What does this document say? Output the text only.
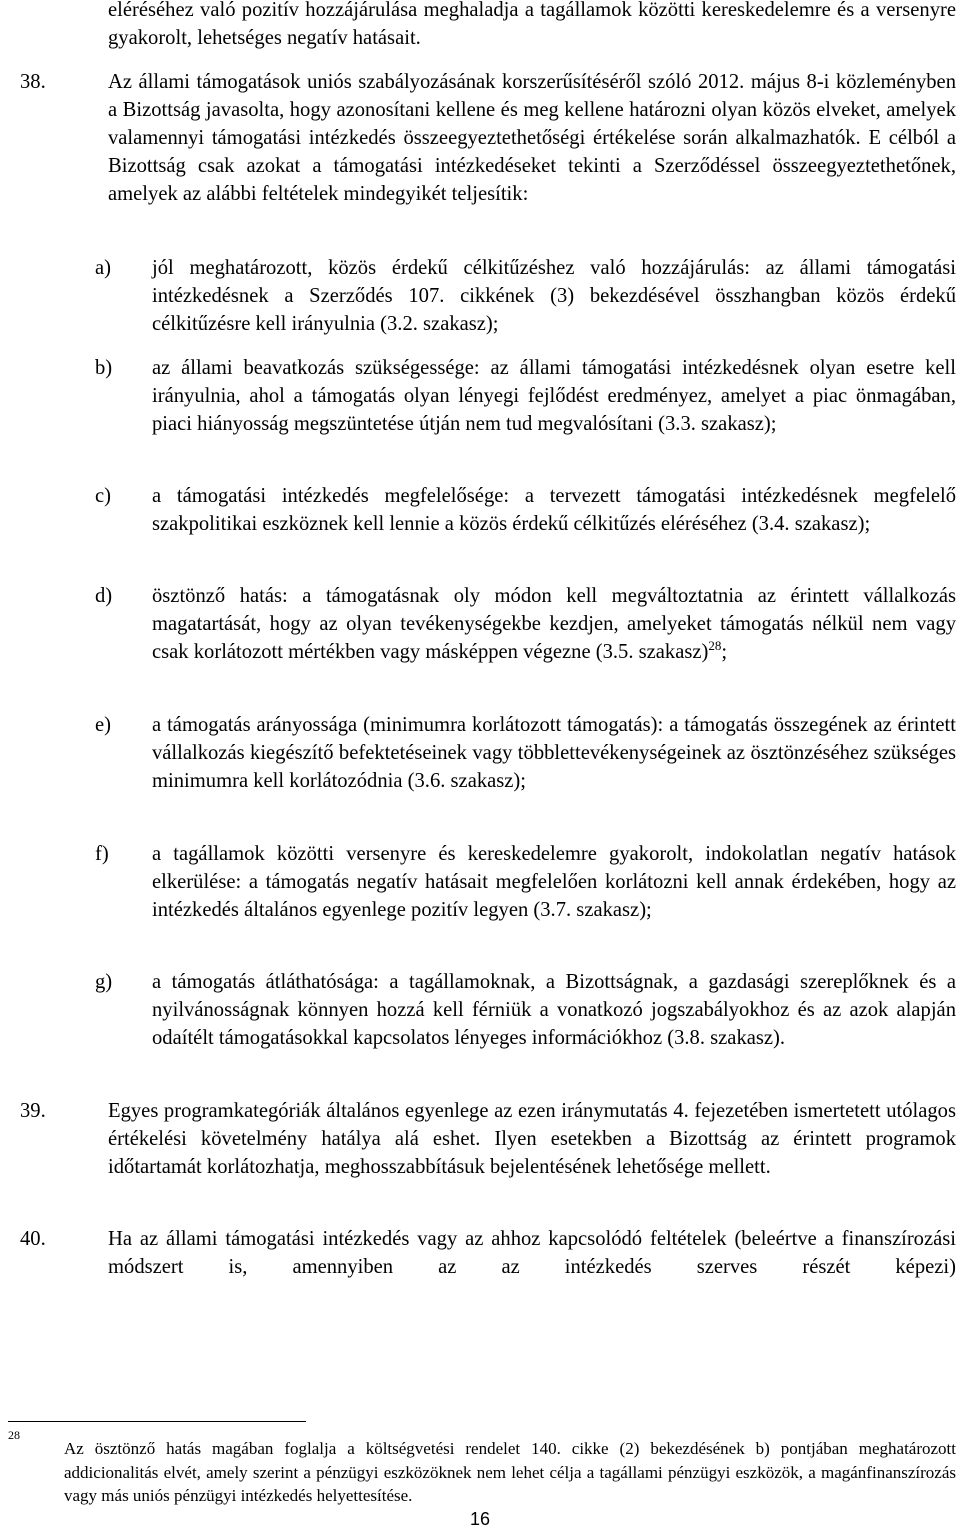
eléréséhez való pozitív hozzájárulása meghaladja a tagállamok közötti kereskedelemre és a versenyre gyakorolt, lehetséges negatív hatásait.
38.	Az állami támogatások uniós szabályozásának korszerűsítéséről szóló 2012. május 8-i közleményben a Bizottság javasolta, hogy azonosítani kellene és meg kellene határozni olyan közös elveket, amelyek valamennyi támogatási intézkedés összeegyeztethetőségi értékelése során alkalmazhatók. E célból a Bizottság csak azokat a támogatási intézkedéseket tekinti a Szerződéssel összeegyeztethetőnek, amelyek az alábbi feltételek mindegyikét teljesítik:
a) jól meghatározott, közös érdekű célkitűzéshez való hozzájárulás: az állami támogatási intézkedésnek a Szerződés 107. cikkének (3) bekezdésével összhangban közös érdekű célkitűzésre kell irányulnia (3.2. szakasz);
b) az állami beavatkozás szükségessége: az állami támogatási intézkedésnek olyan esetre kell irányulnia, ahol a támogatás olyan lényegi fejlődést eredményez, amelyet a piac önmagában, piaci hiányosság megszüntetése útján nem tud megvalósítani (3.3. szakasz);
c) a támogatási intézkedés megfelelősége: a tervezett támogatási intézkedésnek megfelelő szakpolitikai eszköznek kell lennie a közös érdekű célkitűzés eléréséhez (3.4. szakasz);
d) ösztönző hatás: a támogatásnak oly módon kell megváltoztatnia az érintett vállalkozás magatartását, hogy az olyan tevékenységekbe kezdjen, amelyeket támogatás nélkül nem vagy csak korlátozott mértékben vagy másképpen végezne (3.5. szakasz)$^{28}$;
e) a támogatás arányossága (minimumra korlátozott támogatás): a támogatás összegének az érintett vállalkozás kiegészítő befektetéseinek vagy többlettevékenységeinek az ösztönzéséhez szükséges minimumra kell korlátozódnia (3.6. szakasz);
f) a tagállamok közötti versenyre és kereskedelemre gyakorolt, indokolatlan negatív hatások elkerülése: a támogatás negatív hatásait megfelelően korlátozni kell annak érdekében, hogy az intézkedés általános egyenlege pozitív legyen (3.7. szakasz);
g) a támogatás átláthatósága: a tagállamoknak, a Bizottságnak, a gazdasági szereplőknek és a nyilvánosságnak könnyen hozzá kell férniük a vonatkozó jogszabályokhoz és az azok alapján odaítélt támogatásokkal kapcsolatos lényeges információkhoz (3.8. szakasz).
39.	Egyes programkategóriák általános egyenlege az ezen iránymutatás 4. fejezetében ismertetett utólagos értékelési követelmény hatálya alá eshet. Ilyen esetekben a Bizottság az érintett programok időtartamát korlátozhatja, meghosszabbításuk bejelentésének lehetősége mellett.
40.	Ha az állami támogatási intézkedés vagy az ahhoz kapcsolódó feltételek (beleértve a finanszírozási módszert is, amennyiben az az intézkedés szerves részét képezi)
28
Az ösztönző hatás magában foglalja a költségvetési rendelet 140. cikke (2) bekezdésének b) pontjában meghatározott addicionalitás elvét, amely szerint a pénzügyi eszközöknek nem lehet célja a tagállami pénzügyi eszközök, a magánfinanszírozás vagy más uniós pénzügyi intézkedés helyettesítése.
16
